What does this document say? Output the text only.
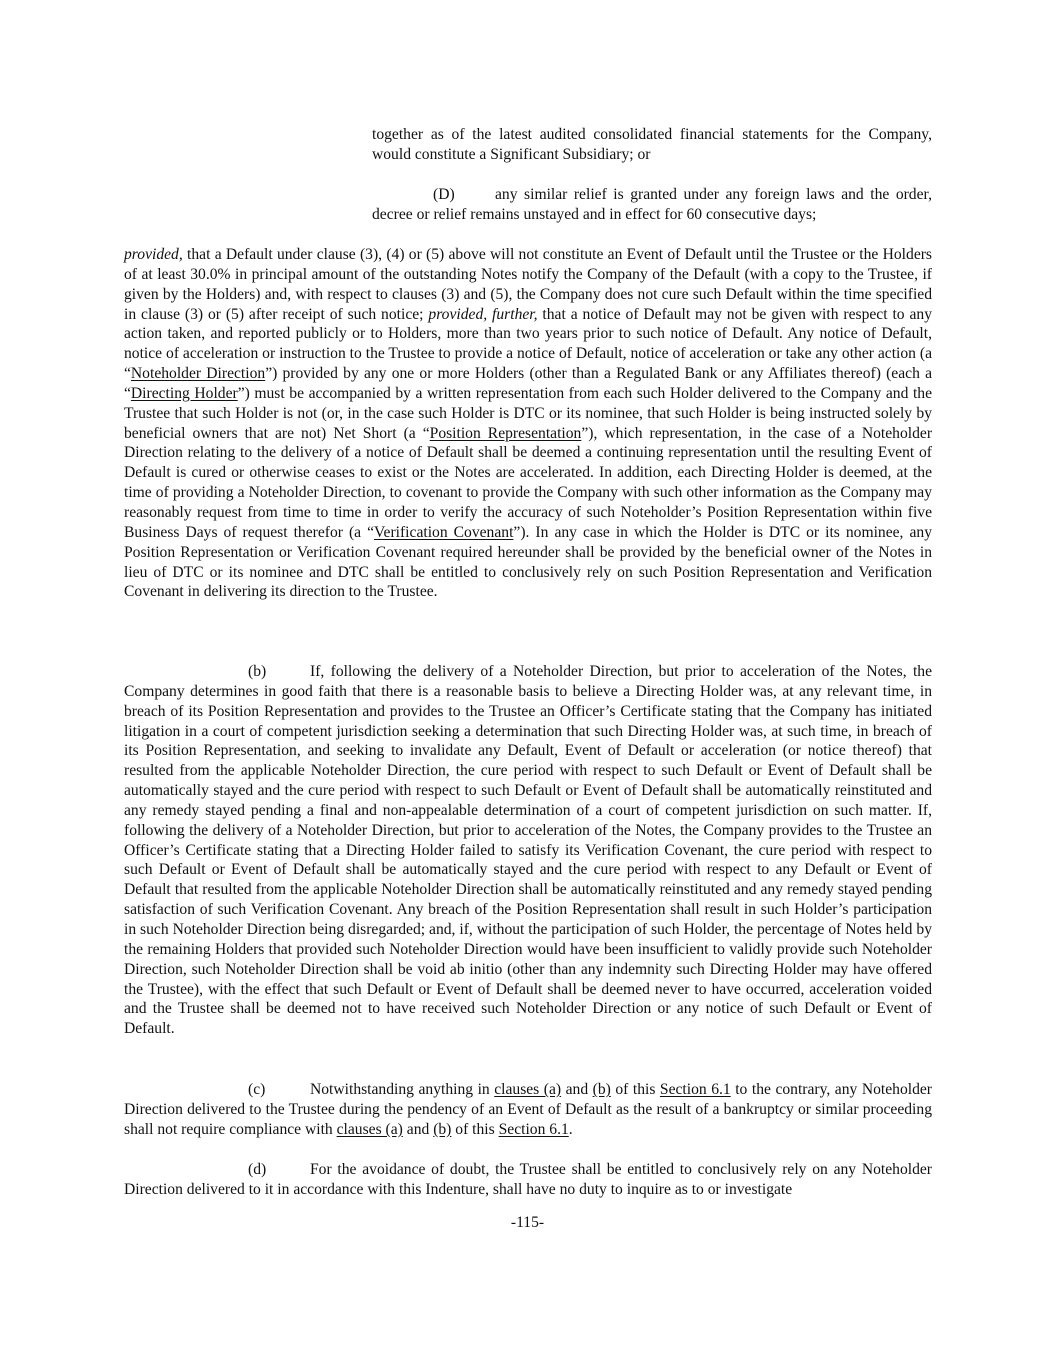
together as of the latest audited consolidated financial statements for the Company, would constitute a Significant Subsidiary; or

(D)	any similar relief is granted under any foreign laws and the order, decree or relief remains unstayed and in effect for 60 consecutive days;

provided, that a Default under clause (3), (4) or (5) above will not constitute an Event of Default until the Trustee or the Holders of at least 30.0% in principal amount of the outstanding Notes notify the Company of the Default (with a copy to the Trustee, if given by the Holders) and, with respect to clauses (3) and (5), the Company does not cure such Default within the time specified in clause (3) or (5) after receipt of such notice; provided, further, that a notice of Default may not be given with respect to any action taken, and reported publicly or to Holders, more than two years prior to such notice of Default. Any notice of Default, notice of acceleration or instruction to the Trustee to provide a notice of Default, notice of acceleration or take any other action (a “Noteholder Direction”) provided by any one or more Holders (other than a Regulated Bank or any Affiliates thereof) (each a “Directing Holder”) must be accompanied by a written representation from each such Holder delivered to the Company and the Trustee that such Holder is not (or, in the case such Holder is DTC or its nominee, that such Holder is being instructed solely by beneficial owners that are not) Net Short (a “Position Representation”), which representation, in the case of a Noteholder Direction relating to the delivery of a notice of Default shall be deemed a continuing representation until the resulting Event of Default is cured or otherwise ceases to exist or the Notes are accelerated. In addition, each Directing Holder is deemed, at the time of providing a Noteholder Direction, to covenant to provide the Company with such other information as the Company may reasonably request from time to time in order to verify the accuracy of such Noteholder’s Position Representation within five Business Days of request therefor (a “Verification Covenant”). In any case in which the Holder is DTC or its nominee, any Position Representation or Verification Covenant required hereunder shall be provided by the beneficial owner of the Notes in lieu of DTC or its nominee and DTC shall be entitled to conclusively rely on such Position Representation and Verification Covenant in delivering its direction to the Trustee.

(b)	If, following the delivery of a Noteholder Direction, but prior to acceleration of the Notes, the Company determines in good faith that there is a reasonable basis to believe a Directing Holder was, at any relevant time, in breach of its Position Representation and provides to the Trustee an Officer’s Certificate stating that the Company has initiated litigation in a court of competent jurisdiction seeking a determination that such Directing Holder was, at such time, in breach of its Position Representation, and seeking to invalidate any Default, Event of Default or acceleration (or notice thereof) that resulted from the applicable Noteholder Direction, the cure period with respect to such Default or Event of Default shall be automatically stayed and the cure period with respect to such Default or Event of Default shall be automatically reinstituted and any remedy stayed pending a final and non-appealable determination of a court of competent jurisdiction on such matter. If, following the delivery of a Noteholder Direction, but prior to acceleration of the Notes, the Company provides to the Trustee an Officer’s Certificate stating that a Directing Holder failed to satisfy its Verification Covenant, the cure period with respect to such Default or Event of Default shall be automatically stayed and the cure period with respect to any Default or Event of Default that resulted from the applicable Noteholder Direction shall be automatically reinstituted and any remedy stayed pending satisfaction of such Verification Covenant. Any breach of the Position Representation shall result in such Holder’s participation in such Noteholder Direction being disregarded; and, if, without the participation of such Holder, the percentage of Notes held by the remaining Holders that provided such Noteholder Direction would have been insufficient to validly provide such Noteholder Direction, such Noteholder Direction shall be void ab initio (other than any indemnity such Directing Holder may have offered the Trustee), with the effect that such Default or Event of Default shall be deemed never to have occurred, acceleration voided and the Trustee shall be deemed not to have received such Noteholder Direction or any notice of such Default or Event of Default.

(c)	Notwithstanding anything in clauses (a) and (b) of this Section 6.1 to the contrary, any Noteholder Direction delivered to the Trustee during the pendency of an Event of Default as the result of a bankruptcy or similar proceeding shall not require compliance with clauses (a) and (b) of this Section 6.1.

(d)	For the avoidance of doubt, the Trustee shall be entitled to conclusively rely on any Noteholder Direction delivered to it in accordance with this Indenture, shall have no duty to inquire as to or investigate

-115-
